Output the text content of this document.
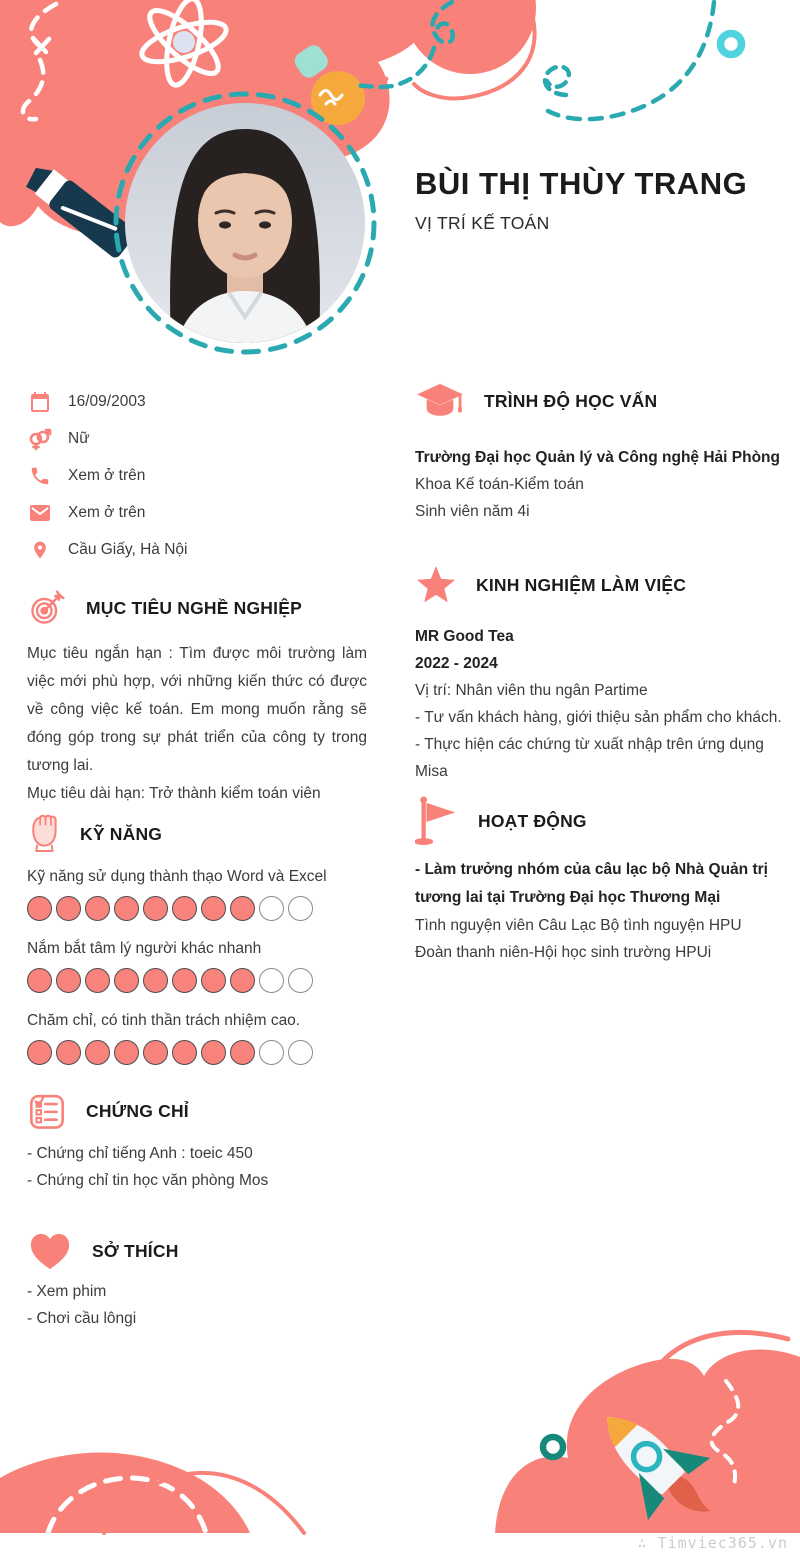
BÙI THỊ THÙY TRANG
VỊ TRÍ KẾ TOÁN
16/09/2003
Nữ
Xem ở trên
Xem ở trên
Cầu Giấy, Hà Nội
MỤC TIÊU NGHỀ NGHIỆP

Mục tiêu ngắn hạn : Tìm được môi trường làm việc mới phù hợp, với những kiến thức có được về công việc kế toán. Em mong muốn rằng sẽ đóng góp trong sự phát triển của công ty trong tương lai.

Mục tiêu dài hạn: Trở thành kiểm toán viên

KỸ NĂNG
Kỹ năng sử dụng thành thạo Word và Excel
Nắm bắt tâm lý người khác nhanh
Chăm chỉ, có tinh thần trách nhiệm cao.
CHỨNG CHỈ
- Chứng chỉ tiếng Anh : toeic 450
- Chứng chỉ tin học văn phòng Mos
SỞ THÍCH
- Xem phim
- Chơi cầu lôngi
TRÌNH ĐỘ HỌC VẤN
Trường Đại học Quản lý và Công nghệ Hải Phòng
Khoa Kế toán-Kiểm toán
Sinh viên năm 4i
KINH NGHIỆM LÀM VIỆC
MR Good Tea
2022 - 2024
Vị trí: Nhân viên thu ngân Partime
- Tư vấn khách hàng, giới thiệu sản phẩm cho khách.
- Thực hiện các chứng từ xuất nhập trên ứng dụng Misa
HOẠT ĐỘNG
- Làm trưởng nhóm của câu lạc bộ Nhà Quản trị tương lai tại Trường Đại học Thương Mại
Tình nguyện viên Câu Lạc Bộ tình nguyện HPU
Đoàn thanh niên-Hội học sinh trường HPUi
∴ Timviec365.vn
